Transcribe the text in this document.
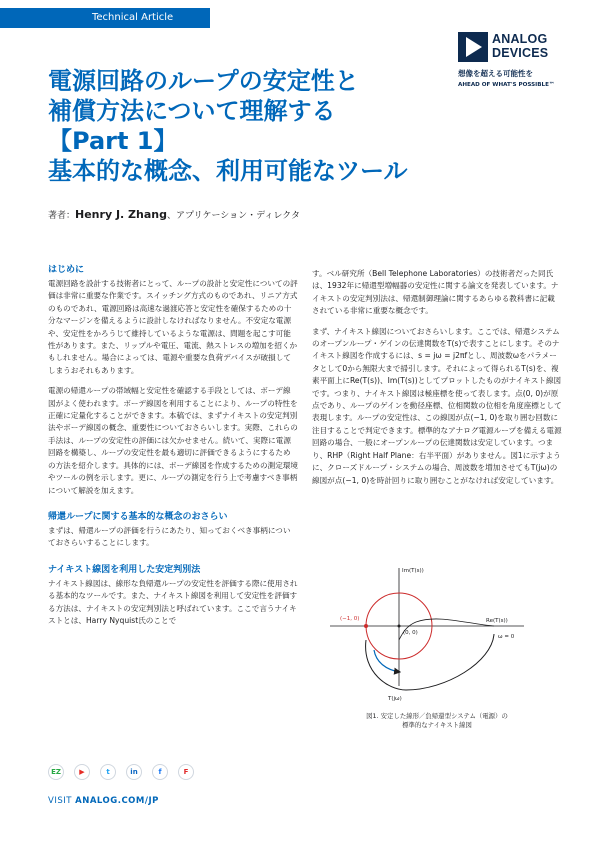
Technical Article
ANALOG
DEVICES
想像を超える可能性を
AHEAD OF WHAT'S POSSIBLE™
電源回路のループの安定性と
補償方法について理解する
【Part 1】
基本的な概念、利用可能なツール
著者：Henry J. Zhang、アプリケーション・ディレクタ
はじめに

電源回路を設計する技術者にとって、ループの設計と安定性についての評価は非常に重要な作業です。スイッチング方式のものであれ、リニア方式のものであれ、電源回路は高速な過渡応答と安定性を確保するための十分なマージンを備えるように設計しなければなりません。不安定な電源や、安定性をかろうじて維持しているような電源は、問題を起こす可能性があります。また、リップルや電圧、電流、熱ストレスの増加を招くかもしれません。場合によっては、電源や重要な負荷デバイスが破損してしまうおそれもあります。

電源の帰還ループの帯域幅と安定性を確認する手段としては、ボーデ線図がよく使われます。ボーデ線図を利用することにより、ループの特性を正確に定量化することができます。本稿では、まずナイキストの安定判別法やボーデ線図の概念、重要性についておさらいします。実際、これらの手法は、ループの安定性の評価には欠かせません。続いて、実際に電源回路を構築し、ループの安定性を最も適切に評価できるようにするための方法を紹介します。具体的には、ボーデ線図を作成するための測定環境やツールの例を示します。更に、ループの測定を行う上で考慮すべき事柄について解説を加えます。

帰還ループに関する基本的な概念のおさらい

まずは、帰還ループの評価を行うにあたり、知っておくべき事柄についておさらいすることにします。

ナイキスト線図を利用した安定判別法

ナイキスト線図は、線形な負帰還ループの安定性を評価する際に使用される基本的なツールです。また、ナイキスト線図を利用して安定性を評価する方法は、ナイキストの安定判別法と呼ばれています。ここで言うナイキストとは、Harry Nyquist氏のことで

す。ベル研究所（Bell Telephone Laboratories）の技術者だった同氏は、1932年に帰還型増幅器の安定性に関する論文を発表しています。ナイキストの安定判別法は、帰還制御理論に関するあらゆる教科書に記載されている非常に重要な概念です。

まず、ナイキスト線図についておさらいします。ここでは、帰還システムのオープンループ・ゲインの伝達関数をT(s)で表すことにします。そのナイキスト線図を作成するには、s = jω = j2πfとし、周波数ωをパラメータとして0から無限大まで掃引します。それによって得られるT(s)を、複素平面上にRe(T(s))、Im(T(s))としてプロットしたものがナイキスト線図です。つまり、ナイキスト線図は極座標を使って表します。点(0, 0)が原点であり、ループのゲインを動径座標、位相関数の位相を角度座標として表現します。ループの安定性は、この線図が点(−1, 0)を取り囲む回数に注目することで判定できます。標準的なアナログ電源ループを備える電源回路の場合、一般にオープンループの伝達関数は安定しています。つまり、RHP（Right Half Plane：右半平面）がありません。図1に示すように、クローズドループ・システムの場合、周波数を増加させてもT(jω)の線図が点(−1, 0)を時計回りに取り囲むことがなければ安定しています。

Im(T(s))
Re(T(s))
(−1, 0)
(0, 0)
ω = 0
T(jω)
図1. 安定した線形／負帰還型システム（電源）の
標準的なナイキスト線図
EZ	▶	t	in	f	F
VISIT ANALOG.COM/JP
